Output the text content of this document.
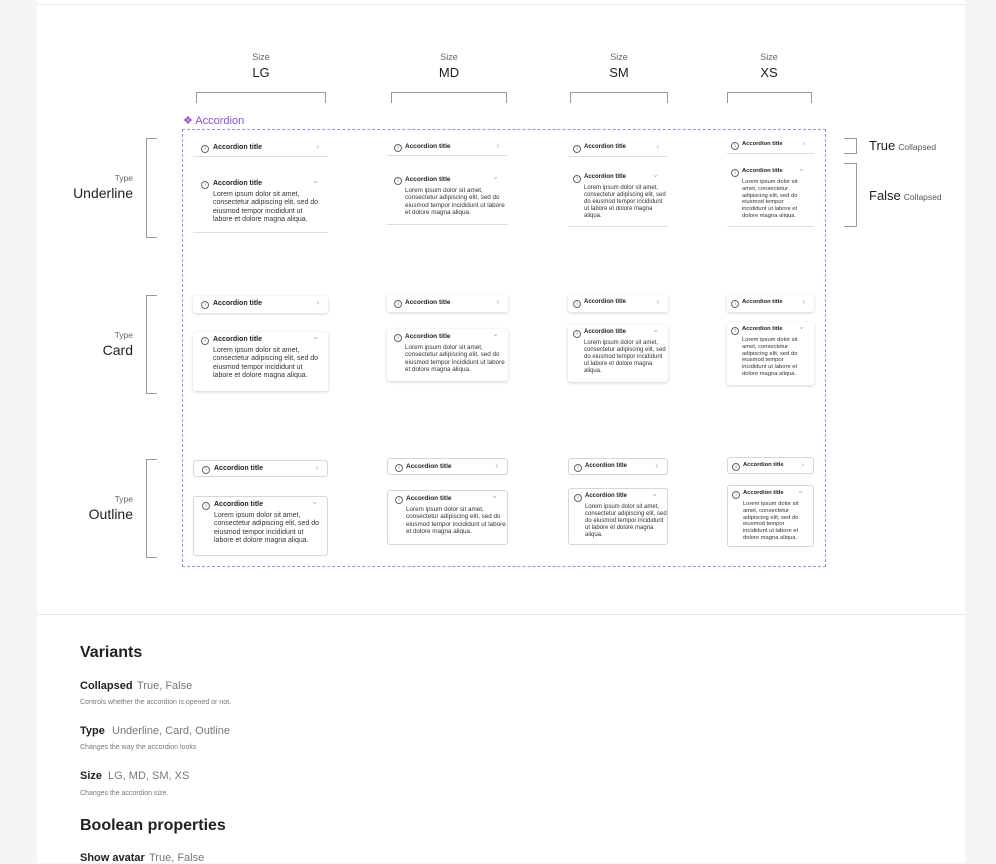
Size
LG
Size
MD
Size
SM
Size
XS
Type
Underline
Type
Card
Type
Outline
True Collapsed
False Collapsed
❖ Accordion
i	Accordion title	›
i	Accordion title	⌄
Lorem ipsum dolor sit amet, consectetur adipiscing elit, sed do eiusmod tempor incididunt ut labore et dolore magna aliqua.
i Accordion title	›
i Accordion title	⌄
Lorem ipsum dolor sit amet, consectetur adipiscing elit, sed do eiusmod tempor incididunt ut labore et dolore magna aliqua.
i	Accordion title	›
i	Accordion title	⌄
Lorem ipsum dolor sit amet, consectetur adipiscing elit, sed do eiusmod tempor incididunt ut labore et dolore magna aliqua.
i	Accordion title ›
i	Accordion title ⌄
Lorem ipsum dolor sit amet, consectetur adipiscing elit, sed do eiusmod tempor incididunt ut labore et dolore magna aliqua.
i	Accordion title	›
i	Accordion title	⌄
Lorem ipsum dolor sit amet, consectetur adipiscing elit, sed do eiusmod tempor incididunt ut labore et dolore magna aliqua.
i Accordion title	›
i Accordion title	⌄
Lorem ipsum dolor sit amet, consectetur adipiscing elit, sed do eiusmod tempor incididunt ut labore et dolore magna aliqua.
i	Accordion title	›
i	Accordion title	⌄
Lorem ipsum dolor sit amet, consectetur adipiscing elit, sed do eiusmod tempor incididunt ut labore et dolore magna aliqua.
i	Accordion title ›
i	Accordion title ⌄
Lorem ipsum dolor sit amet, consectetur adipiscing elit, sed do eiusmod tempor incididunt ut labore et dolore magna aliqua.
i	Accordion title	›
i	Accordion title	⌄
Lorem ipsum dolor sit amet, consectetur adipiscing elit, sed do eiusmod tempor incididunt ut labore et dolore magna aliqua.
i Accordion title	›
i Accordion title	⌄
Lorem ipsum dolor sit amet, consectetur adipiscing elit, sed do eiusmod tempor incididunt ut labore et dolore magna aliqua.
i	Accordion title	›
i	Accordion title	⌄
Lorem ipsum dolor sit amet, consectetur adipiscing elit, sed do eiusmod tempor incididunt ut labore et dolore magna aliqua.
i	Accordion title ›
i	Accordion title ⌄
Lorem ipsum dolor sit amet, consectetur adipiscing elit, sed do eiusmod tempor incididunt ut labore et dolore magna aliqua.
Variants
Collapsed True, False
Controls whether the accordion is opened or not.
Type Underline, Card, Outline
Changes the way the accordion looks
Size LG, MD, SM, XS
Changes the accordion size.
Boolean properties
Show avatar True, False
